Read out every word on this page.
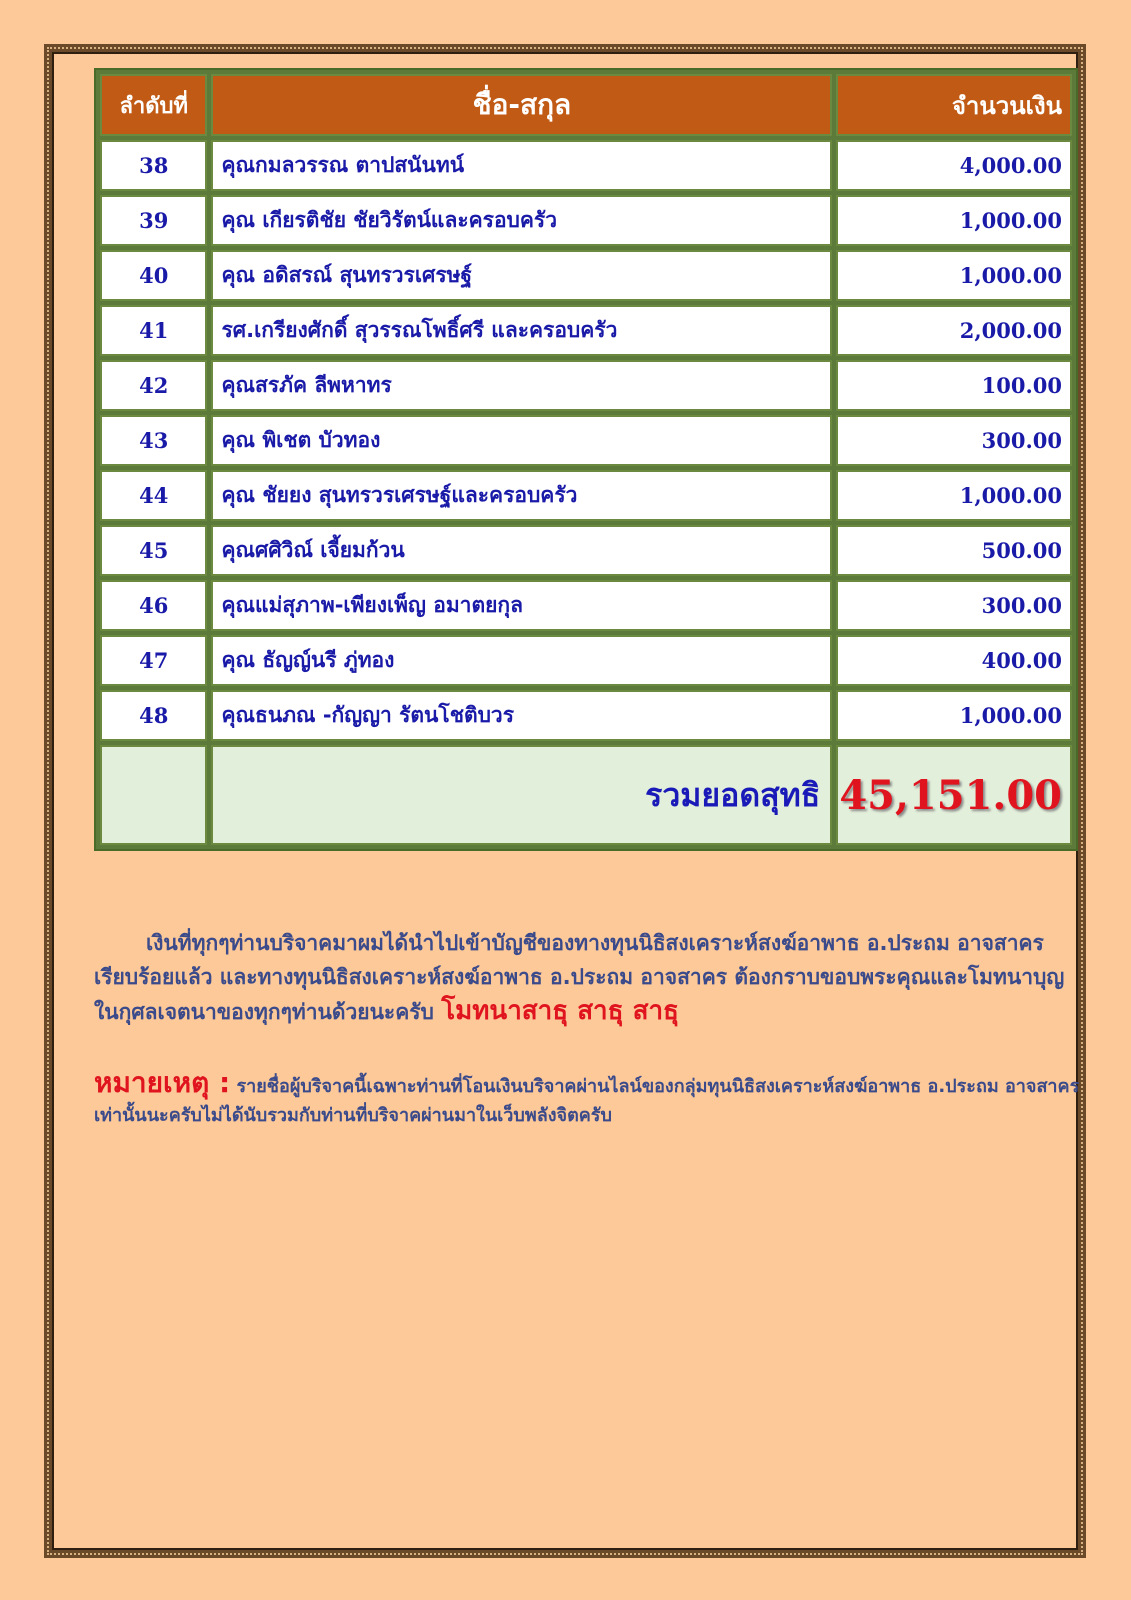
ลำดับที่	ชื่อ-สกุล	จำนวนเงิน
38	คุณกมลวรรณ ตาปสนันทน์	4,000.00
39	คุณ เกียรติชัย ชัยวิรัตน์และครอบครัว	1,000.00
40	คุณ อดิสรณ์ สุนทรวรเศรษฐ์	1,000.00
41	รศ.เกรียงศักดิ์ สุวรรณโพธิ์ศรี และครอบครัว	2,000.00
42	คุณสรภัค ลีพหาทร	100.00
43	คุณ พิเชต บัวทอง	300.00
44	คุณ ชัยยง สุนทรวรเศรษฐ์และครอบครัว	1,000.00
45	คุณศศิวิณ์ เจี้ยมก้วน	500.00
46	คุณแม่สุภาพ-เพียงเพ็ญ อมาตยกุล	300.00
47	คุณ ธัญญ์นรี ภู่ทอง	400.00
48	คุณธนภณ -กัญญา รัตนโชติบวร	1,000.00
	รวมยอดสุทธิ	45,151.00
เงินที่ทุกๆท่านบริจาคมาผมได้นำไปเข้าบัญชีของทางทุนนิธิสงเคราะห์สงฆ์อาพาธ อ.ประถม อาจสาคร เรียบร้อยแล้ว และทางทุนนิธิสงเคราะห์สงฆ์อาพาธ อ.ประถม อาจสาคร ต้องกราบขอบพระคุณและโมทนาบุญในกุศลเจตนาของทุกๆท่านด้วยนะครับ โมทนาสาธุ สาธุ สาธุ
หมายเหตุ : รายชื่อผู้บริจาคนี้เฉพาะท่านที่โอนเงินบริจาคผ่านไลน์ของกลุ่มทุนนิธิสงเคราะห์สงฆ์อาพาธ อ.ประถม อาจสาคร เท่านั้นนะครับไม่ได้นับรวมกับท่านที่บริจาคผ่านมาในเว็บพลังจิตครับ
